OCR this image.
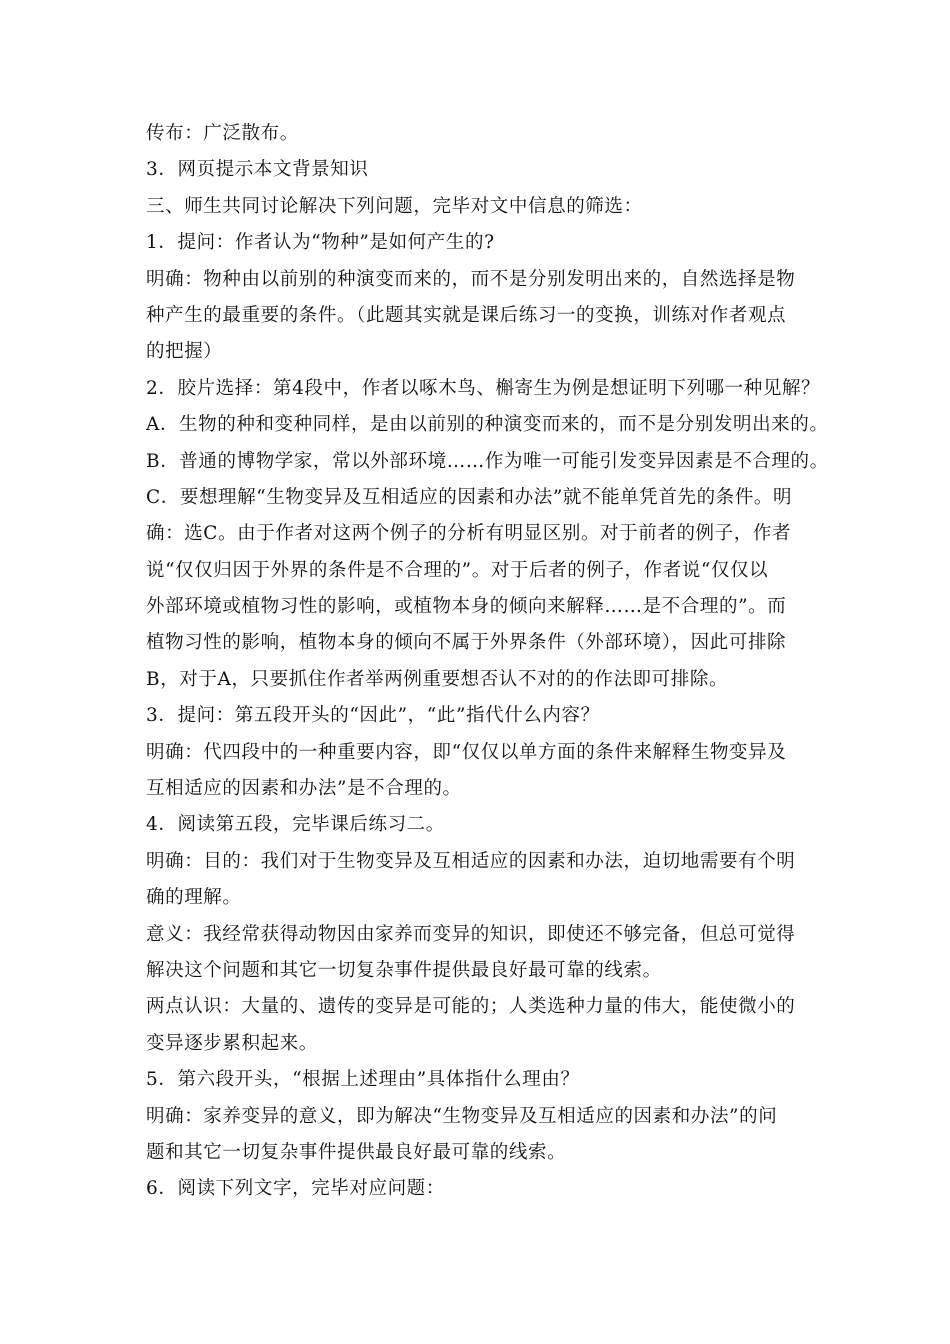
传布：广泛散布。
3．网页提示本文背景知识
三、师生共同讨论解决下列问题，完毕对文中信息的筛选：
1．提问：作者认为“物种”是如何产生的?
明确：物种由以前别的种演变而来的，而不是分别发明出来的，自然选择是物
种产生的最重要的条件。（此题其实就是课后练习一的变换，训练对作者观点
的把握）
2．胶片选择：第4段中，作者以啄木鸟、槲寄生为例是想证明下列哪一种见解？
A．生物的种和变种同样，是由以前别的种演变而来的，而不是分别发明出来的。
B．普通的博物学家，常以外部环境……作为唯一可能引发变异因素是不合理的。
C．要想理解“生物变异及互相适应的因素和办法”就不能单凭首先的条件。明
确：选C。由于作者对这两个例子的分析有明显区别。对于前者的例子，作者
说“仅仅归因于外界的条件是不合理的”。对于后者的例子，作者说“仅仅以
外部环境或植物习性的影响，或植物本身的倾向来解释……是不合理的”。而
植物习性的影响，植物本身的倾向不属于外界条件（外部环境），因此可排除
B，对于A，只要抓住作者举两例重要想否认不对的的作法即可排除。
3．提问：第五段开头的“因此”，“此”指代什么内容？
明确：代四段中的一种重要内容，即“仅仅以单方面的条件来解释生物变异及
互相适应的因素和办法”是不合理的。
4．阅读第五段，完毕课后练习二。
明确：目的：我们对于生物变异及互相适应的因素和办法，迫切地需要有个明
确的理解。
意义：我经常获得动物因由家养而变异的知识，即使还不够完备，但总可觉得
解决这个问题和其它一切复杂事件提供最良好最可靠的线索。
两点认识：大量的、遗传的变异是可能的；人类选种力量的伟大，能使微小的
变异逐步累积起来。
5．第六段开头，“根据上述理由”具体指什么理由？
明确：家养变异的意义，即为解决“生物变异及互相适应的因素和办法”的问
题和其它一切复杂事件提供最良好最可靠的线索。
6．阅读下列文字，完毕对应问题：
